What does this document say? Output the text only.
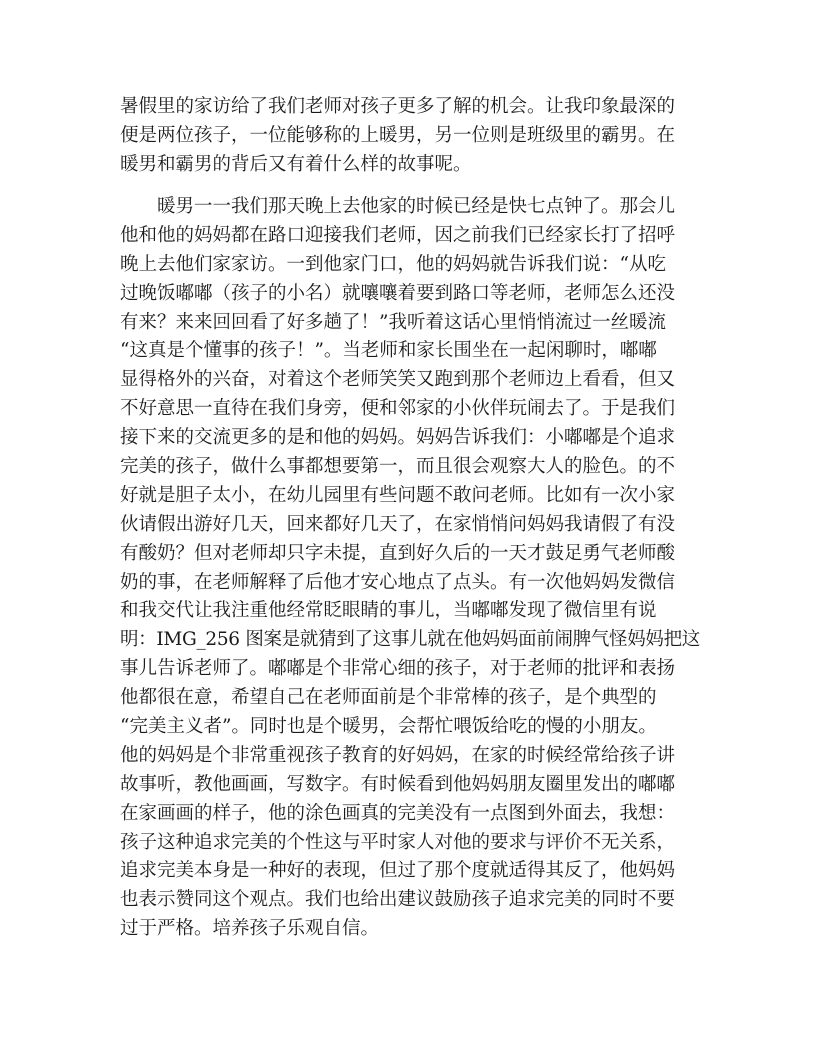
暑假里的家访给了我们老师对孩子更多了解的机会。让我印象最深的
便是两位孩子，一位能够称的上暖男，另一位则是班级里的霸男。在
暖男和霸男的背后又有着什么样的故事呢。
　　暖男一一我们那天晚上去他家的时候已经是快七点钟了。那会儿
他和他的妈妈都在路口迎接我们老师，因之前我们已经家长打了招呼
晚上去他们家家访。一到他家门口，他的妈妈就告诉我们说：“从吃
过晚饭嘟嘟（孩子的小名）就嚷嚷着要到路口等老师，老师怎么还没
有来？来来回回看了好多趟了！”我听着这话心里悄悄流过一丝暖流
“这真是个懂事的孩子！”。当老师和家长围坐在一起闲聊时，嘟嘟
显得格外的兴奋，对着这个老师笑笑又跑到那个老师边上看看，但又
不好意思一直待在我们身旁，便和邻家的小伙伴玩闹去了。于是我们
接下来的交流更多的是和他的妈妈。妈妈告诉我们：小嘟嘟是个追求
完美的孩子，做什么事都想要第一，而且很会观察大人的脸色。的不
好就是胆子太小，在幼儿园里有些问题不敢问老师。比如有一次小家
伙请假出游好几天，回来都好几天了，在家悄悄问妈妈我请假了有没
有酸奶？但对老师却只字未提，直到好久后的一天才鼓足勇气老师酸
奶的事，在老师解释了后他才安心地点了点头。有一次他妈妈发微信
和我交代让我注重他经常眨眼睛的事儿，当嘟嘟发现了微信里有说
明：IMG_256 图案是就猜到了这事儿就在他妈妈面前闹脾气怪妈妈把这
事儿告诉老师了。嘟嘟是个非常心细的孩子，对于老师的批评和表扬
他都很在意，希望自己在老师面前是个非常棒的孩子，是个典型的
“完美主义者”。同时也是个暖男，会帮忙喂饭给吃的慢的小朋友。
他的妈妈是个非常重视孩子教育的好妈妈，在家的时候经常给孩子讲
故事听，教他画画，写数字。有时候看到他妈妈朋友圈里发出的嘟嘟
在家画画的样子，他的涂色画真的完美没有一点图到外面去，我想：
孩子这种追求完美的个性这与平时家人对他的要求与评价不无关系，
追求完美本身是一种好的表现，但过了那个度就适得其反了，他妈妈
也表示赞同这个观点。我们也给出建议鼓励孩子追求完美的同时不要
过于严格。培养孩子乐观自信。
